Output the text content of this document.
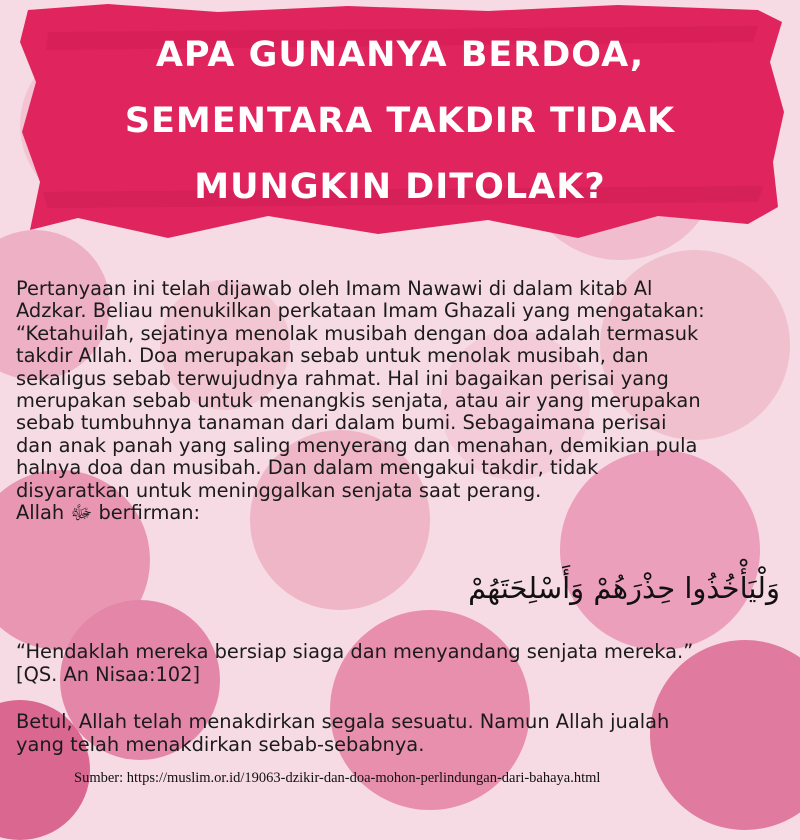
APA GUNANYA BERDOA,
SEMENTARA TAKDIR TIDAK
MUNGKIN DITOLAK?
Pertanyaan ini telah dijawab oleh Imam Nawawi di dalam kitab Al
Adzkar. Beliau menukilkan perkataan Imam Ghazali yang mengatakan:
“Ketahuilah, sejatinya menolak musibah dengan doa adalah termasuk
takdir Allah. Doa merupakan sebab untuk menolak musibah, dan
sekaligus sebab terwujudnya rahmat. Hal ini bagaikan perisai yang
merupakan sebab untuk menangkis senjata, atau air yang merupakan
sebab tumbuhnya tanaman dari dalam bumi. Sebagaimana perisai
dan anak panah yang saling menyerang dan menahan, demikian pula
halnya doa dan musibah. Dan dalam mengakui takdir, tidak
disyaratkan untuk meninggalkan senjata saat perang.
Allah ﷻ berfirman:
وَلْيَأْخُذُوا حِذْرَهُمْ وَأَسْلِحَتَهُمْ
“Hendaklah mereka bersiap siaga dan menyandang senjata mereka.”
[QS. An Nisaa:102]
Betul, Allah telah menakdirkan segala sesuatu. Namun Allah jualah
yang telah menakdirkan sebab-sebabnya.
Sumber: https://muslim.or.id/19063-dzikir-dan-doa-mohon-perlindungan-dari-bahaya.html
